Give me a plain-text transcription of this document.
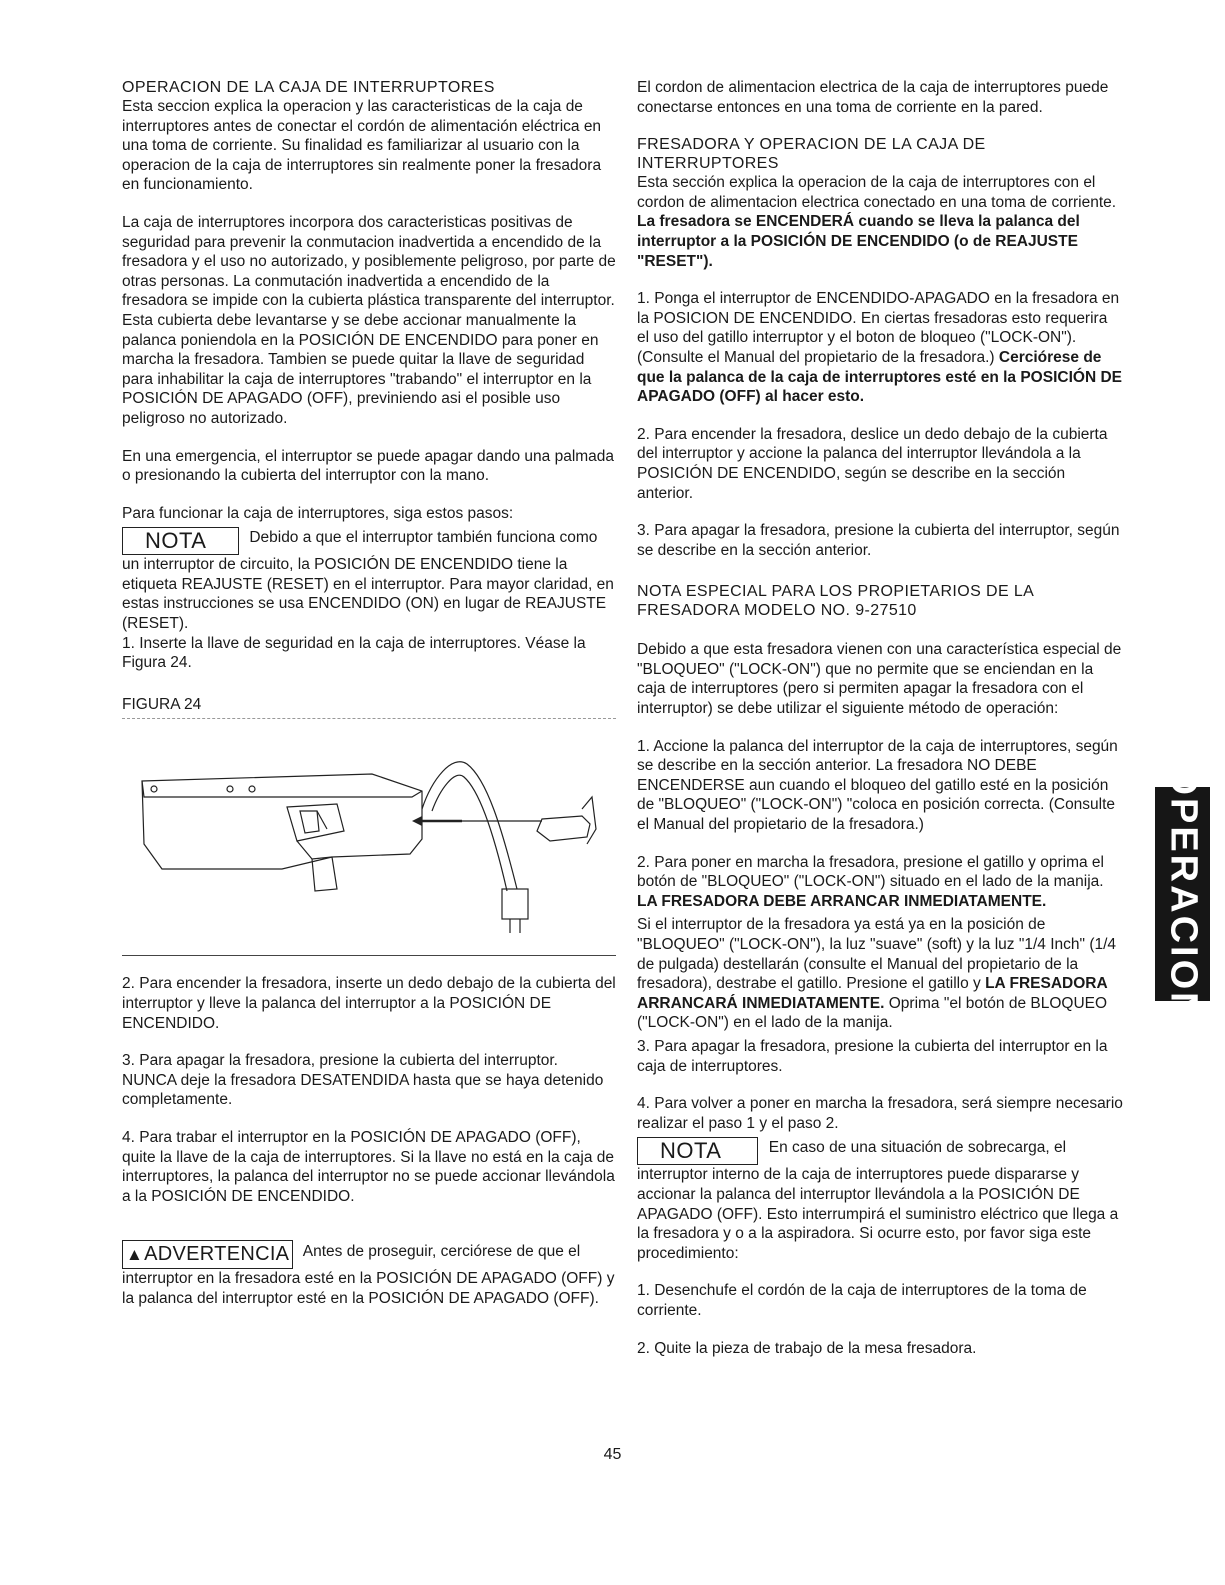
OPERACION DE LA CAJA DE INTERRUPTORES

Esta seccion explica la operacion y las caracteristicas de la caja de interruptores antes de conectar el cordón de alimentación eléctrica en una toma de corriente. Su finalidad es familiarizar al usuario con la operacion de la caja de interruptores sin realmente poner la fresadora en funcionamiento.

La caja de interruptores incorpora dos caracteristicas positivas de seguridad para prevenir la conmutacion inadvertida a encendido de la fresadora y el uso no autorizado, y posiblemente peligroso, por parte de otras personas. La conmutación inadvertida a encendido de la fresadora se impide con la cubierta plástica transparente del interruptor. Esta cubierta debe levantarse y se debe accionar manualmente la palanca poniendola en la POSICIÓN DE ENCENDIDO para poner en marcha la fresadora. Tambien se puede quitar la llave de seguridad para inhabilitar la caja de interruptores "trabando" el interruptor en la POSICIÓN DE APAGADO (OFF), previniendo asi el posible uso peligroso no autorizado.

En una emergencia, el interruptor se puede apagar dando una palmada o presionando la cubierta del interruptor con la mano.

Para funcionar la caja de interruptores, siga estos pasos:

NOTA	Debido a que el interruptor también funciona como un interruptor de circuito, la POSICIÓN DE ENCENDIDO tiene la etiqueta REAJUSTE (RESET) en el interruptor. Para mayor claridad, en estas instrucciones se usa ENCENDIDO (ON) en lugar de REAJUSTE (RESET).

1. Inserte la llave de seguridad en la caja de interruptores. Véase la Figura 24.

FIGURA 24

2. Para encender la fresadora, inserte un dedo debajo de la cubierta del interruptor y lleve la palanca del interruptor a la POSICIÓN DE ENCENDIDO.

3. Para apagar la fresadora, presione la cubierta del interruptor. NUNCA deje la fresadora DESATENDIDA hasta que se haya detenido completamente.

4. Para trabar el interruptor en la POSICIÓN DE APAGADO (OFF), quite la llave de la caja de interruptores. Si la llave no está en la caja de interruptores, la palanca del interruptor no se puede accionar llevándola a la POSICIÓN DE ENCENDIDO.

▲ADVERTENCIA Antes de proseguir, cerciórese de que el interruptor en la fresadora esté en la POSICIÓN DE APAGADO (OFF) y la palanca del interruptor esté en la POSICIÓN DE APAGADO (OFF).

El cordon de alimentacion electrica de la caja de interruptores puede conectarse entonces en una toma de corriente en la pared.

FRESADORA Y OPERACION DE LA CAJA DE INTERRUPTORES

Esta sección explica la operacion de la caja de interruptores con el cordon de alimentacion electrica conectado en una toma de corriente. La fresadora se ENCENDERÁ cuando se lleva la palanca del interruptor a la POSICIÓN DE ENCENDIDO (o de REAJUSTE "RESET").

1. Ponga el interruptor de ENCENDIDO-APAGADO en la fresadora en la POSICION DE ENCENDIDO. En ciertas fresadoras esto requerira el uso del gatillo interruptor y el boton de bloqueo ("LOCK-ON"). (Consulte el Manual del propietario de la fresadora.) Cerciórese de que la palanca de la caja de interruptores esté en la POSICIÓN DE APAGADO (OFF) al hacer esto.

2. Para encender la fresadora, deslice un dedo debajo de la cubierta del interruptor y accione la palanca del interruptor llevándola a la POSICIÓN DE ENCENDIDO, según se describe en la sección anterior.

3. Para apagar la fresadora, presione la cubierta del interruptor, según se describe en la sección anterior.

NOTA ESPECIAL PARA LOS PROPIETARIOS DE LA FRESADORA MODELO NO. 9-27510

Debido a que esta fresadora vienen con una característica especial de "BLOQUEO" ("LOCK-ON") que no permite que se enciendan en la caja de interruptores (pero si permiten apagar la fresadora con el interruptor) se debe utilizar el siguiente método de operación:

1. Accione la palanca del interruptor de la caja de interruptores, según se describe en la sección anterior. La fresadora NO DEBE ENCENDERSE aun cuando el bloqueo del gatillo esté en la posición de "BLOQUEO" ("LOCK-ON") "coloca en posición correcta. (Consulte el Manual del propietario de la fresadora.)

2. Para poner en marcha la fresadora, presione el gatillo y oprima el botón de "BLOQUEO" ("LOCK-ON") situado en el lado de la manija. LA FRESADORA DEBE ARRANCAR INMEDIATAMENTE.

Si el interruptor de la fresadora ya está ya en la posición de "BLOQUEO" ("LOCK-ON"), la luz "suave" (soft) y la luz "1/4 Inch" (1/4 de pulgada) destellarán (consulte el Manual del propietario de la fresadora), destrabe el gatillo. Presione el gatillo y LA FRESADORA ARRANCARÁ INMEDIATAMENTE. Oprima "el botón de BLOQUEO ("LOCK-ON") en el lado de la manija.

3. Para apagar la fresadora, presione la cubierta del interruptor en la caja de interruptores.

4. Para volver a poner en marcha la fresadora, será siempre necesario realizar el paso 1 y el paso 2.

NOTA	En caso de una situación de sobrecarga, el interruptor interno de la caja de interruptores puede dispararse y accionar la palanca del interruptor llevándola a la POSICIÓN DE APAGADO (OFF). Esto interrumpirá el suministro eléctrico que llega a la fresadora y o a la aspiradora. Si ocurre esto, por favor siga este procedimiento:

1. Desenchufe el cordón de la caja de interruptores de la toma de corriente.

2. Quite la pieza de trabajo de la mesa fresadora.

OPERACION
45
